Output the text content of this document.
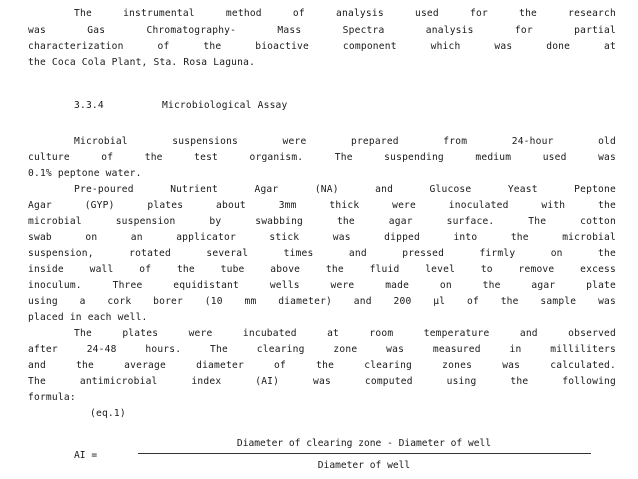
The instrumental method of analysis used for the research
was Gas Chromatography- Mass Spectra analysis for partial
characterization of the bioactive component which was done at
the Coca Cola Plant, Sta. Rosa Laguna.
3.3.4	Microbiological Assay
Microbial suspensions were prepared from 24-hour old
culture of the test organism. The suspending medium used was
0.1% peptone water.
Pre-poured Nutrient Agar (NA) and Glucose Yeast Peptone
Agar (GYP) plates about 3mm thick were inoculated with the
microbial suspension by swabbing the agar surface. The cotton
swab on an applicator stick was dipped into the microbial
suspension, rotated several times and pressed firmly on the
inside wall of the tube above the fluid level to remove excess
inoculum. Three equidistant wells were made on the agar plate
using a cork borer (10 mm diameter) and 200 µl of the sample was
placed in each well.
The plates were incubated at room temperature and observed
after 24-48 hours. The clearing zone was measured in milliliters
and the average diameter of the clearing zones was calculated.
The antimicrobial index (AI) was computed using the following
formula:
(eq.1)
AI =
Diameter of clearing zone - Diameter of well
Diameter of well
